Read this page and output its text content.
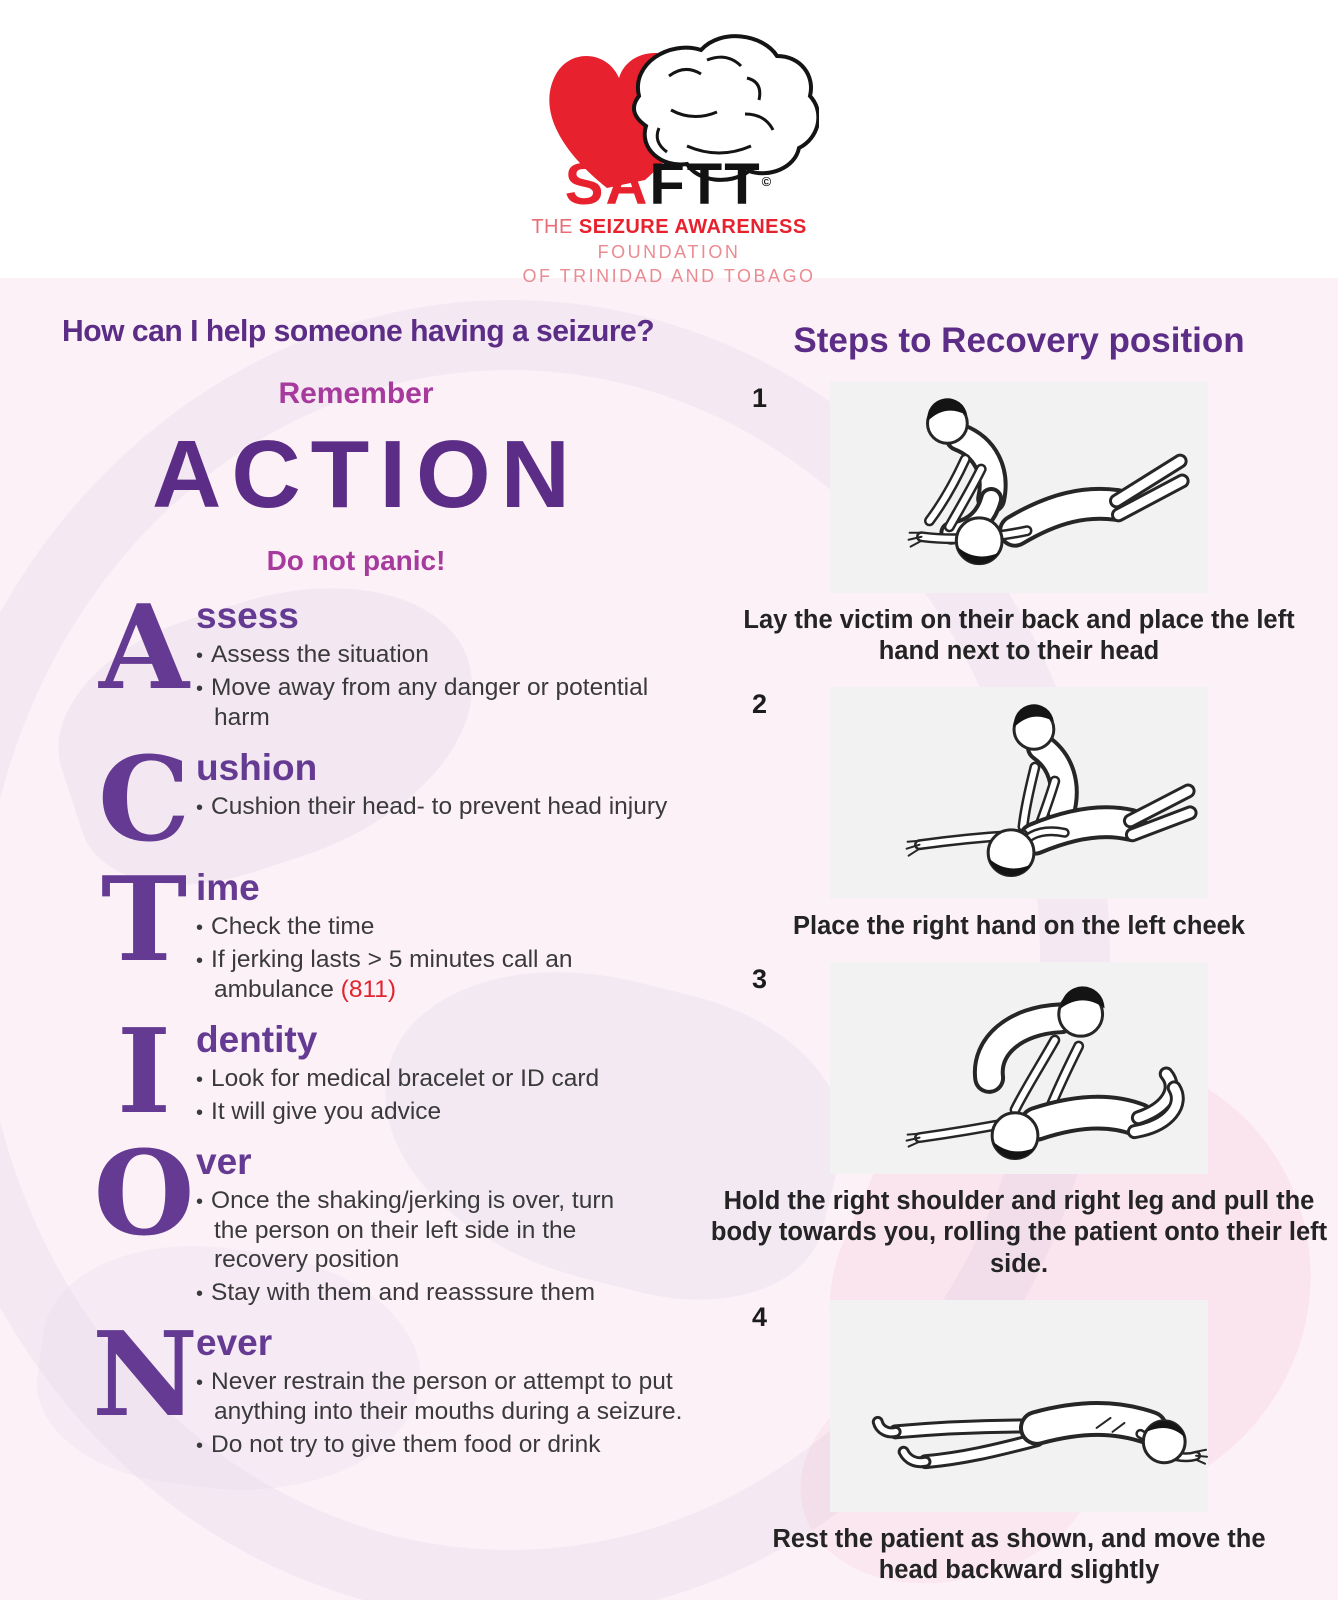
SAFTT©
THE SEIZURE AWARENESS
FOUNDATION
OF TRINIDAD AND TOBAGO
How can I help someone having a seizure?
Remember
ACTION
Do not panic!
A ssess
• Assess the situation
• Move away from any danger or potential harm
C ushion
• Cushion their head- to prevent head injury
T ime
• Check the time
• If jerking lasts > 5 minutes call an ambulance (811)
I dentity
• Look for medical bracelet or ID card
• It will give you advice
O ver
• Once the shaking/jerking is over, turn the person on their left side in the recovery position
• Stay with them and reasssure them
N
ever
• Never restrain the person or attempt to put anything into their mouths during a seizure.
• Do not try to give them food or drink
Steps to Recovery position
1

Lay the victim on their back and place the left hand next to their head

2

Place the right hand on the left cheek

3

Hold the right shoulder and right leg and pull the body towards you, rolling the patient onto their left side.

4

Rest the patient as shown, and move the head backward slightly
